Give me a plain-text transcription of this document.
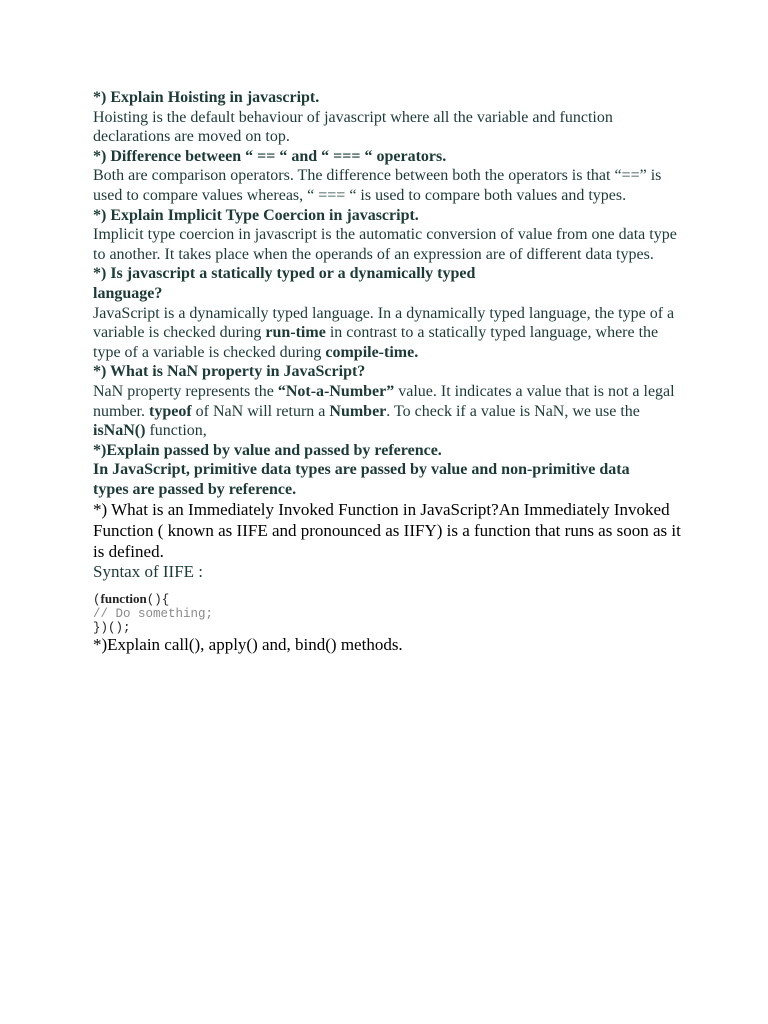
*) Explain Hoisting in javascript.

Hoisting is the default behaviour of javascript where all the variable and function declarations are moved on top.

*) Difference between “ == “ and “ === “ operators.

Both are comparison operators. The difference between both the operators is that “==” is used to compare values whereas, “ === “ is used to compare both values and types.

*) Explain Implicit Type Coercion in javascript.

Implicit type coercion in javascript is the automatic conversion of value from one data type to another. It takes place when the operands of an expression are of different data types.

*) Is javascript a statically typed or a dynamically typed
language?

JavaScript is a dynamically typed language. In a dynamically typed language, the type of a variable is checked during run-time in contrast to a statically typed language, where the type of a variable is checked during compile-time.

*) What is NaN property in JavaScript?

NaN property represents the “Not-a-Number” value. It indicates a value that is not a legal number. typeof of NaN will return a Number. To check if a value is NaN, we use the isNaN() function,

*)Explain passed by value and passed by reference.

In JavaScript, primitive data types are passed by value and non-primitive data
types are passed by reference.

*) What is an Immediately Invoked Function in JavaScript?An Immediately Invoked Function ( known as IIFE and pronounced as IIFY) is a function that runs as soon as it is defined.

Syntax of IIFE :

(function(){
// Do something;
})();

*)Explain call(), apply() and, bind() methods.
